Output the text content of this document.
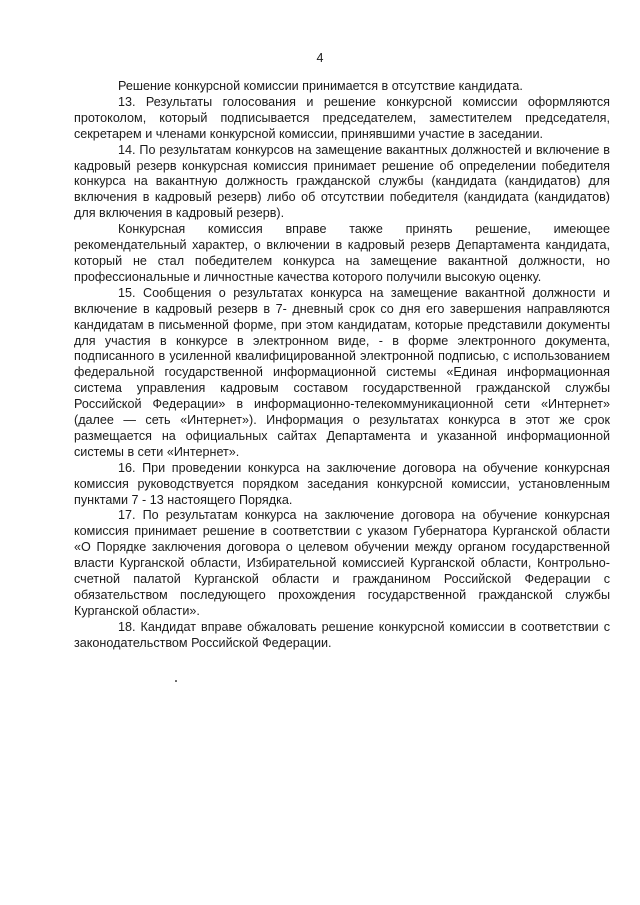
4

Решение конкурсной комиссии принимается в отсутствие кандидата.

13. Результаты голосования и решение конкурсной комиссии оформляются протоколом, который подписывается председателем, заместителем председателя, секретарем и членами конкурсной комиссии, принявшими участие в заседании.

14. По результатам конкурсов на замещение вакантных должностей и включение в кадровый резерв конкурсная комиссия принимает решение об определении победителя конкурса на вакантную должность гражданской службы (кандидата (кандидатов) для включения в кадровый резерв) либо об отсутствии победителя (кандидата (кандидатов) для включения в кадровый резерв).

Конкурсная комиссия вправе также принять решение, имеющее рекомендательный характер, о включении в кадровый резерв Департамента кандидата, который не стал победителем конкурса на замещение вакантной должности, но профессиональные и личностные качества которого получили высокую оценку.

15. Сообщения о результатах конкурса на замещение вакантной должности и включение в кадровый резерв в 7- дневный срок со дня его завершения направляются кандидатам в письменной форме, при этом кандидатам, которые представили документы для участия в конкурсе в электронном виде, - в форме электронного документа, подписанного в усиленной квалифицированной электронной подписью, с использованием федеральной государственной информационной системы «Единая информационная система управления кадровым составом государственной гражданской службы Российской Федерации» в информационно-телекоммуникационной сети «Интернет» (далее — сеть «Интернет»). Информация о результатах конкурса в этот же срок размещается на официальных сайтах Департамента и указанной информационной системы в сети «Интернет».

16. При проведении конкурса на заключение договора на обучение конкурсная комиссия руководствуется порядком заседания конкурсной комиссии, установленным пунктами 7 - 13 настоящего Порядка.

17. По результатам конкурса на заключение договора на обучение конкурсная комиссия принимает решение в соответствии с указом Губернатора Курганской области «О Порядке заключения договора о целевом обучении между органом государственной власти Курганской области, Избирательной комиссией Курганской области, Контрольно-счетной палатой Курганской области и гражданином Российской Федерации с обязательством последующего прохождения государственной гражданской службы Курганской области».

18. Кандидат вправе обжаловать решение конкурсной комиссии в соответствии с законодательством Российской Федерации.
